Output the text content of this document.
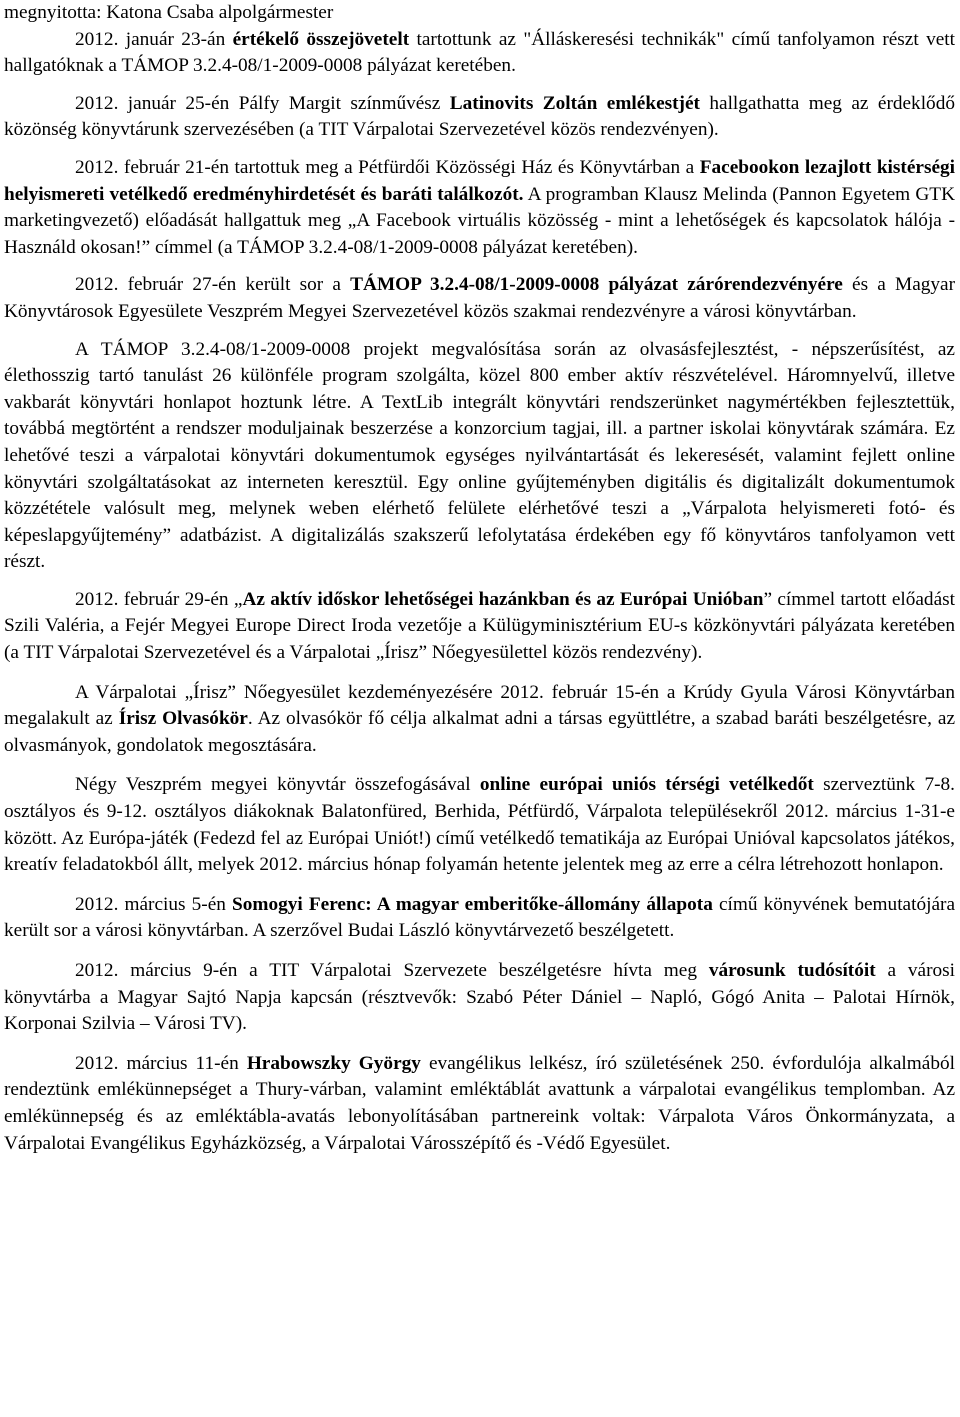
megnyitotta: Katona Csaba alpolgármester

2012. január 23-án értékelő összejövetelt tartottunk az "Álláskeresési technikák" című tanfolyamon részt vett hallgatóknak a TÁMOP 3.2.4-08/1-2009-0008 pályázat keretében.

2012. január 25-én Pálfy Margit színművész Latinovits Zoltán emlékestjét hallgathatta meg az érdeklődő közönség könyvtárunk szervezésében (a TIT Várpalotai Szervezetével közös rendezvényen).

2012. február 21-én tartottuk meg a Pétfürdői Közösségi Ház és Könyvtárban a Facebookon lezajlott kistérségi helyismereti vetélkedő eredményhirdetését és baráti találkozót. A programban Klausz Melinda (Pannon Egyetem GTK marketingvezető) előadását hallgattuk meg „A Facebook virtuális közösség - mint a lehetőségek és kapcsolatok hálója - Használd okosan!” címmel (a TÁMOP 3.2.4-08/1-2009-0008 pályázat keretében).

2012. február 27-én került sor a TÁMOP 3.2.4-08/1-2009-0008 pályázat zárórendezvényére és a Magyar Könyvtárosok Egyesülete Veszprém Megyei Szervezetével közös szakmai rendezvényre a városi könyvtárban.

A TÁMOP 3.2.4-08/1-2009-0008 projekt megvalósítása során az olvasásfejlesztést, - népszerűsítést, az élethosszig tartó tanulást 26 különféle program szolgálta, közel 800 ember aktív részvételével. Háromnyelvű, illetve vakbarát könyvtári honlapot hoztunk létre. A TextLib integrált könyvtári rendszerünket nagymértékben fejlesztettük, továbbá megtörtént a rendszer moduljainak beszerzése a konzorcium tagjai, ill. a partner iskolai könyvtárak számára. Ez lehetővé teszi a várpalotai könyvtári dokumentumok egységes nyilvántartását és lekeresését, valamint fejlett online könyvtári szolgáltatásokat az interneten keresztül. Egy online gyűjteményben digitális és digitalizált dokumentumok közzététele valósult meg, melynek weben elérhető felülete elérhetővé teszi a „Várpalota helyismereti fotó- és képeslapgyűjtemény” adatbázist. A digitalizálás szakszerű lefolytatása érdekében egy fő könyvtáros tanfolyamon vett részt.

2012. február 29-én „Az aktív időskor lehetőségei hazánkban és az Európai Unióban” címmel tartott előadást Szili Valéria, a Fejér Megyei Europe Direct Iroda vezetője a Külügyminisztérium EU-s közkönyvtári pályázata keretében (a TIT Várpalotai Szervezetével és a Várpalotai „Írisz” Nőegyesülettel közös rendezvény).

A Várpalotai „Írisz” Nőegyesület kezdeményezésére 2012. február 15-én a Krúdy Gyula Városi Könyvtárban megalakult az Írisz Olvasókör. Az olvasókör fő célja alkalmat adni a társas együttlétre, a szabad baráti beszélgetésre, az olvasmányok, gondolatok megosztására.

Négy Veszprém megyei könyvtár összefogásával online európai uniós térségi vetélkedőt szerveztünk 7-8. osztályos és 9-12. osztályos diákoknak Balatonfüred, Berhida, Pétfürdő, Várpalota településekről 2012. március 1-31-e között. Az Európa-játék (Fedezd fel az Európai Uniót!) című vetélkedő tematikája az Európai Unióval kapcsolatos játékos, kreatív feladatokból állt, melyek 2012. március hónap folyamán hetente jelentek meg az erre a célra létrehozott honlapon.

2012. március 5-én Somogyi Ferenc: A magyar emberitőke-állomány állapota című könyvének bemutatójára került sor a városi könyvtárban. A szerzővel Budai László könyvtárvezető beszélgetett.

2012. március 9-én a TIT Várpalotai Szervezete beszélgetésre hívta meg városunk tudósítóit a városi könyvtárba a Magyar Sajtó Napja kapcsán (résztvevők: Szabó Péter Dániel – Napló, Gógó Anita – Palotai Hírnök, Korponai Szilvia – Városi TV).

2012. március 11-én Hrabowszky György evangélikus lelkész, író születésének 250. évfordulója alkalmából rendeztünk emlékünnepséget a Thury-várban, valamint emléktáblát avattunk a várpalotai evangélikus templomban. Az emlékünnepség és az emléktábla-avatás lebonyolításában partnereink voltak: Várpalota Város Önkormányzata, a Várpalotai Evangélikus Egyházközség, a Várpalotai Városszépítő és -Védő Egyesület.
